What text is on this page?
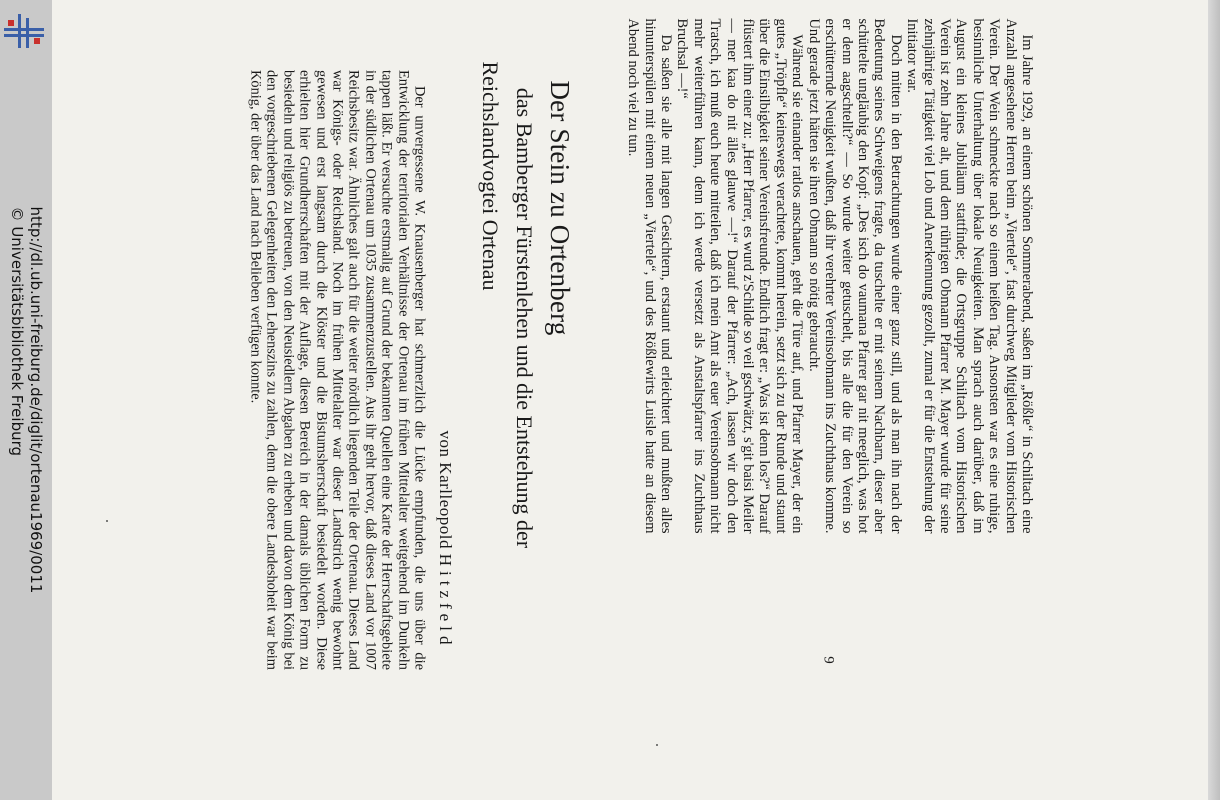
http://dl.ub.uni-freiburg.de/diglit/ortenau1969/0011
© Universitätsbibliothek Freiburg	Im Jahre 1929, an einem schönen Sommerabend, saßen im „Rößle“ in Schiltach eine Anzahl angesehene Herren beim „Viertele“, fast durchweg Mitglieder vom Historischen Verein. Der Wein schmeckte nach so einem heißen Tag. Ansonsten war es eine ruhige, besinnliche Unterhaltung über lokale Neuigkeiten. Man sprach auch darüber, daß im August ein kleines Jubiläum stattfinde; die Ortsgruppe Schiltach vom Historischen Verein ist zehn Jahre alt, und dem rührigen Obmann Pfarrer M. Mayer wurde für seine zehnjährige Tätigkeit viel Lob und Anerkennung gezollt, zumal er für die Entstehung der Initiator war.

Doch mitten in den Betrachtungen wurde einer ganz still, und als man ihn nach der Bedeutung seines Schweigens fragte, da tuschelte er mit seinem Nachbarn, dieser aber schüttelte ungläubig den Kopf: „Des isch do vaumana Pfarrer gar nit meeglich, was hot er denn aagschtellt?“ — So wurde weiter getuschelt, bis alle die für den Verein so erschütternde Neuigkeit wußten, daß ihr verehrter Vereinsobmann ins Zuchthaus komme. Und gerade jetzt hätten sie ihren Obmann so nötig gebraucht.

Während sie einander ratlos anschauen, geht die Türe auf, und Pfarrer Mayer, der ein gutes „Tröpfle“ keineswegs verachtete, kommt herein, setzt sich zu der Runde und staunt über die Einsilbigkeit seiner Vereinsfreunde. Endlich fragt er: „Was ist denn los?“ Darauf flüstert ihm einer zu: „Herr Pfarrer, es wurd z'Schilde so veil gschwätzt, s'git baisi Meiler — mer kaa do nit älles glauwe —!“ Darauf der Pfarrer: „Ach, lassen wir doch den Tratsch, ich muß euch heute mitteilen, daß ich mein Amt als euer Vereinsobmann nicht mehr weiterführen kann, denn ich werde versetzt als Anstaltspfarrer ins Zuchthaus Bruchsal —!“

Da saßen sie alle mit langen Gesichtern, erstaunt und erleichtert und mußten alles hinunterspülen mit einem neuen „Viertele“, und des Rößlewirts Luisle hatte an diesem Abend noch viel zu tun.

Der Stein zu Ortenberg
das Bamberger Fürstenlehen und die Entstehung der
Reichslandvogtei Ortenau
von Karlleopold Hitzfeld

Der unvergessene W. Knausenberger hat schmerzlich die Lücke empfunden, die uns über die Entwicklung der territorialen Verhältnisse der Ortenau im frühen Mittelalter weitgehend im Dunkeln tappen läßt. Er versuchte erstmalig auf Grund der bekannten Quellen eine Karte der Herrschaftsgebiete in der südlichen Ortenau um 1035 zusammenzustellen. Aus ihr geht hervor, daß dieses Land vor 1007 Reichsbesitz war. Ähnliches galt auch für die weiter nördlich liegenden Teile der Ortenau. Dieses Land war Königs- oder Reichsland. Noch im frühen Mittelalter war dieser Landstrich wenig bewohnt gewesen und erst langsam durch die Klöster und die Bistumsherrschaft besiedelt worden. Diese erhielten hier Grundherrschaften mit der Auflage, diesen Bereich in der damals üblichen Form zu besiedeln und religiös zu betreuen, von den Neusiedlern Abgaben zu erheben und davon dem König bei den vorgeschriebenen Gelegenheiten den Lehenszins zu zahlen, denn die obere Landeshoheit war beim König, der über das Land nach Belieben verfügen konnte.

9
